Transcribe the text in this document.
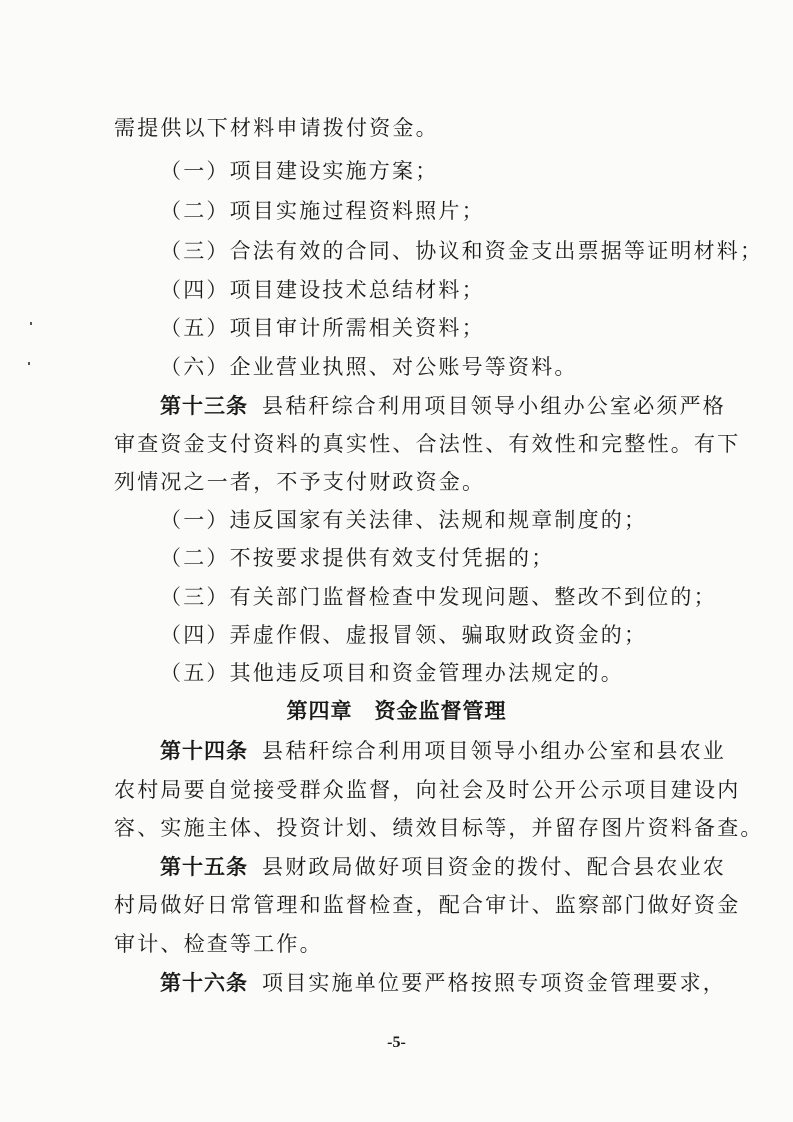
需提供以下材料申请拨付资金。
（一）项目建设实施方案；
（二）项目实施过程资料照片；
（三）合法有效的合同、协议和资金支出票据等证明材料；
（四）项目建设技术总结材料；
（五）项目审计所需相关资料；
（六）企业营业执照、对公账号等资料。
第十三条 县秸秆综合利用项目领导小组办公室必须严格
审查资金支付资料的真实性、合法性、有效性和完整性。有下
列情况之一者，不予支付财政资金。
（一）违反国家有关法律、法规和规章制度的；
（二）不按要求提供有效支付凭据的；
（三）有关部门监督检查中发现问题、整改不到位的；
（四）弄虚作假、虚报冒领、骗取财政资金的；
（五）其他违反项目和资金管理办法规定的。
第四章　资金监督管理
第十四条 县秸秆综合利用项目领导小组办公室和县农业
农村局要自觉接受群众监督，向社会及时公开公示项目建设内
容、实施主体、投资计划、绩效目标等，并留存图片资料备查。
第十五条 县财政局做好项目资金的拨付、配合县农业农
村局做好日常管理和监督检查，配合审计、监察部门做好资金
审计、检查等工作。
第十六条 项目实施单位要严格按照专项资金管理要求，
-5-
